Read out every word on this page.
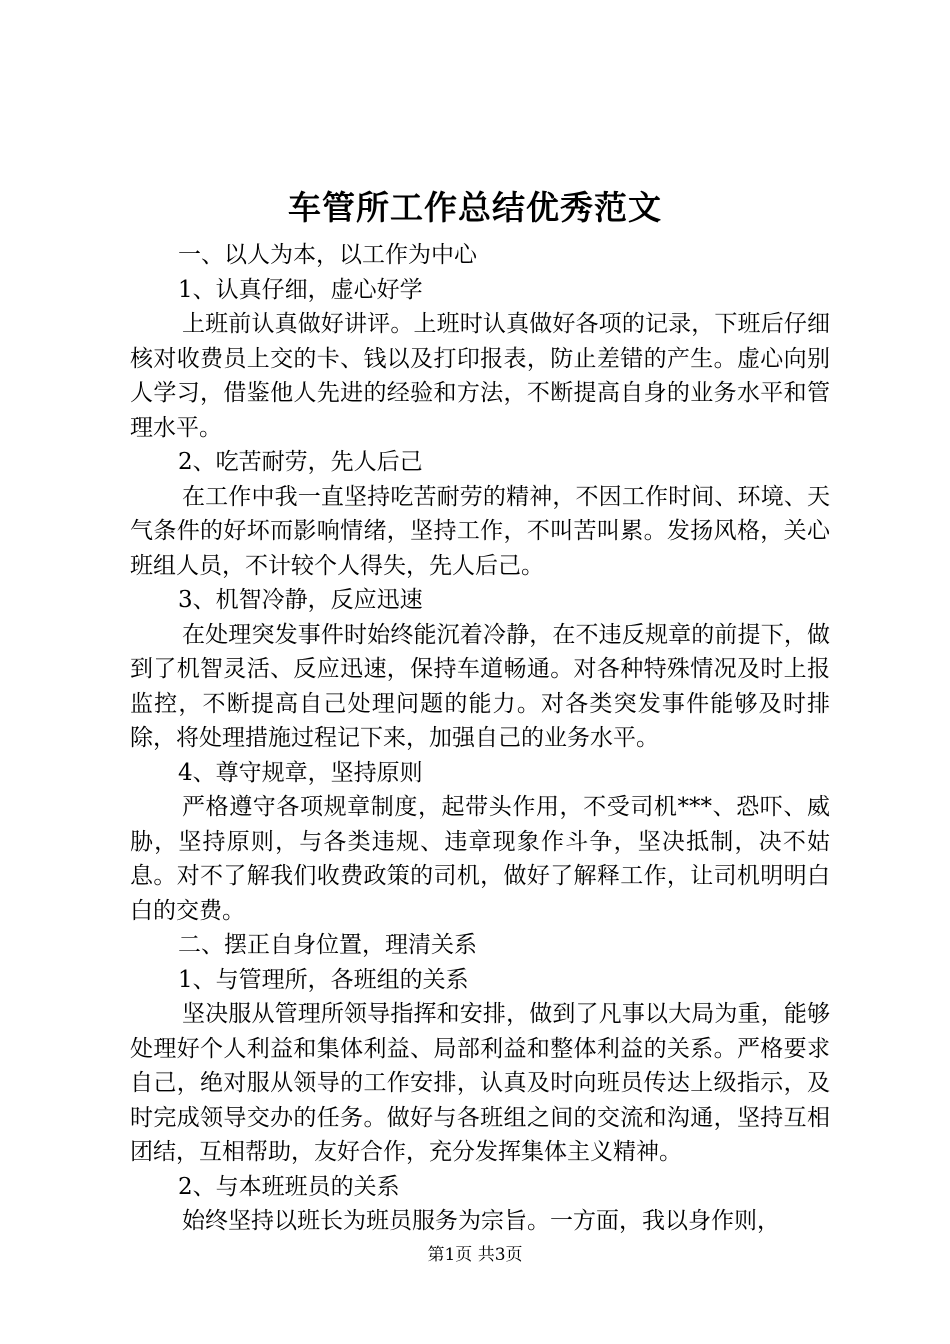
车管所工作总结优秀范文
一、以人为本，以工作为中心
1、认真仔细，虚心好学

上班前认真做好讲评。上班时认真做好各项的记录，下班后仔细核对收费员上交的卡、钱以及打印报表，防止差错的产生。虚心向别人学习，借鉴他人先进的经验和方法，不断提高自身的业务水平和管理水平。

2、吃苦耐劳，先人后己

在工作中我一直坚持吃苦耐劳的精神，不因工作时间、环境、天气条件的好坏而影响情绪，坚持工作，不叫苦叫累。发扬风格，关心班组人员，不计较个人得失，先人后己。

3、机智冷静，反应迅速

在处理突发事件时始终能沉着冷静，在不违反规章的前提下，做到了机智灵活、反应迅速，保持车道畅通。对各种特殊情况及时上报监控，不断提高自己处理问题的能力。对各类突发事件能够及时排除，将处理措施过程记下来，加强自己的业务水平。

4、尊守规章，坚持原则

严格遵守各项规章制度，起带头作用，不受司机***、恐吓、威胁，坚持原则，与各类违规、违章现象作斗争，坚决抵制，决不姑息。对不了解我们收费政策的司机，做好了解释工作，让司机明明白白的交费。

二、摆正自身位置，理清关系
1、与管理所，各班组的关系

坚决服从管理所领导指挥和安排，做到了凡事以大局为重，能够处理好个人利益和集体利益、局部利益和整体利益的关系。严格要求自己，绝对服从领导的工作安排，认真及时向班员传达上级指示，及时完成领导交办的任务。做好与各班组之间的交流和沟通，坚持互相团结，互相帮助，友好合作，充分发挥集体主义精神。

2、与本班班员的关系

始终坚持以班长为班员服务为宗旨。一方面，我以身作则，

第1页 共3页
